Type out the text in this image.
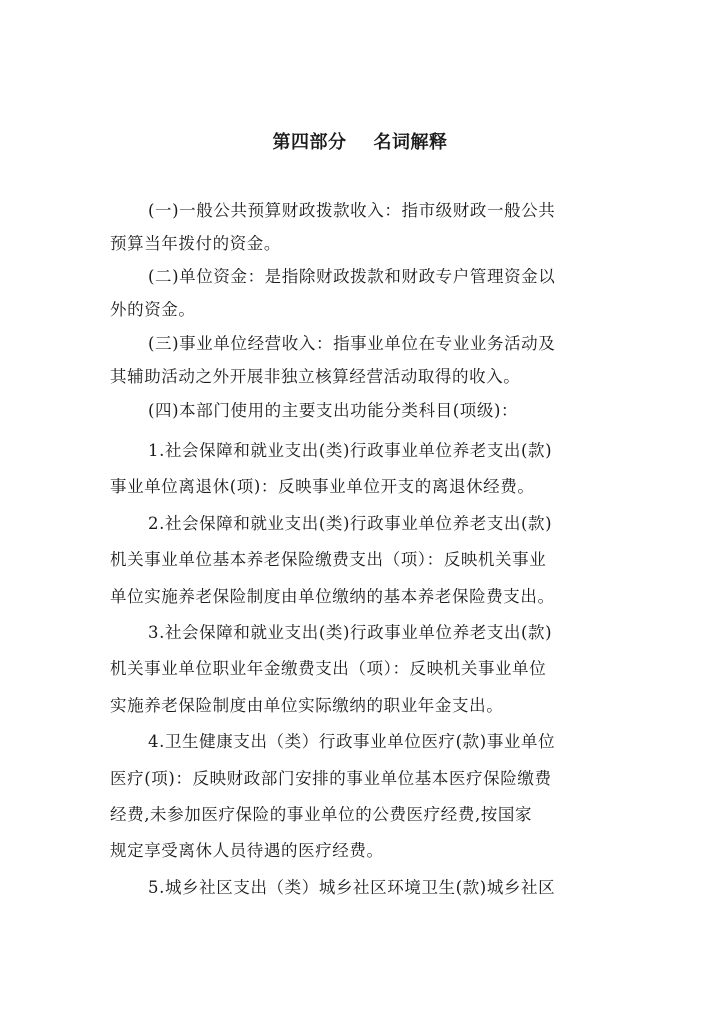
第四部分    名词解释
(一)一般公共预算财政拨款收入：指市级财政一般公共
预算当年拨付的资金。
(二)单位资金：是指除财政拨款和财政专户管理资金以
外的资金。
(三)事业单位经营收入：指事业单位在专业业务活动及
其辅助活动之外开展非独立核算经营活动取得的收入。
(四)本部门使用的主要支出功能分类科目(项级)：
1.社会保障和就业支出(类)行政事业单位养老支出(款)
事业单位离退休(项)：反映事业单位开支的离退休经费。
2.社会保障和就业支出(类)行政事业单位养老支出(款)
机关事业单位基本养老保险缴费支出（项）：反映机关事业
单位实施养老保险制度由单位缴纳的基本养老保险费支出。
3.社会保障和就业支出(类)行政事业单位养老支出(款)
机关事业单位职业年金缴费支出（项）：反映机关事业单位
实施养老保险制度由单位实际缴纳的职业年金支出。
4.卫生健康支出（类）行政事业单位医疗(款)事业单位
医疗(项)：反映财政部门安排的事业单位基本医疗保险缴费
经费,未参加医疗保险的事业单位的公费医疗经费,按国家
规定享受离休人员待遇的医疗经费。
5.城乡社区支出（类）城乡社区环境卫生(款)城乡社区
